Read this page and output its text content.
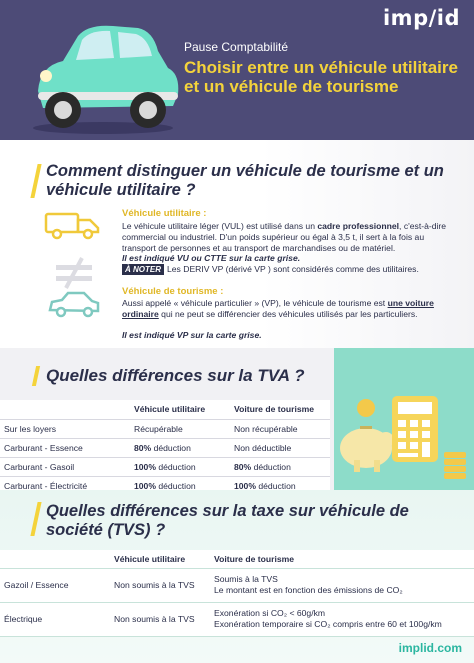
imp/id
Pause Comptabilité
Choisir entre un véhicule utilitaire et un véhicule de tourisme
Comment distinguer un véhicule de tourisme et un véhicule utilitaire ?
Véhicule utilitaire :
Le véhicule utilitaire léger (VUL) est utilisé dans un cadre professionnel, c'est-à-dire commercial ou industriel. D'un poids supérieur ou égal à 3,5 t, il sert à la fois au transport de personnes et au transport de marchandises ou de matériel.
Il est indiqué VU ou CTTE sur la carte grise.
À NOTER Les DERIV VP (dérivé VP ) sont considérés comme des utilitaires.
Véhicule de tourisme :
Aussi appelé « véhicule particulier » (VP), le véhicule de tourisme est une voiture ordinaire qui ne peut se différencier des véhicules utilisés par les particuliers.
Il est indiqué VP sur la carte grise.
Quelles différences sur la TVA ?
	Véhicule utilitaire	Voiture de tourisme
Sur les loyers	Récupérable	Non récupérable
Carburant - Essence	80% déduction	Non déductible
Carburant - Gasoil	100% déduction	80% déduction
Carburant - Électricité	100% déduction	100% déduction
Quelles différences sur la taxe sur véhicule de société (TVS) ?
	Véhicule utilitaire	Voiture de tourisme
Gazoil / Essence	Non soumis à la TVS	Soumis à la TVS
Le montant est en fonction des émissions de CO₂

Électrique	Non soumis à la TVS	Exonération si CO₂ < 60g/km
Exonération temporaire si CO₂ compris entre 60 et 100g/km
implid.com
